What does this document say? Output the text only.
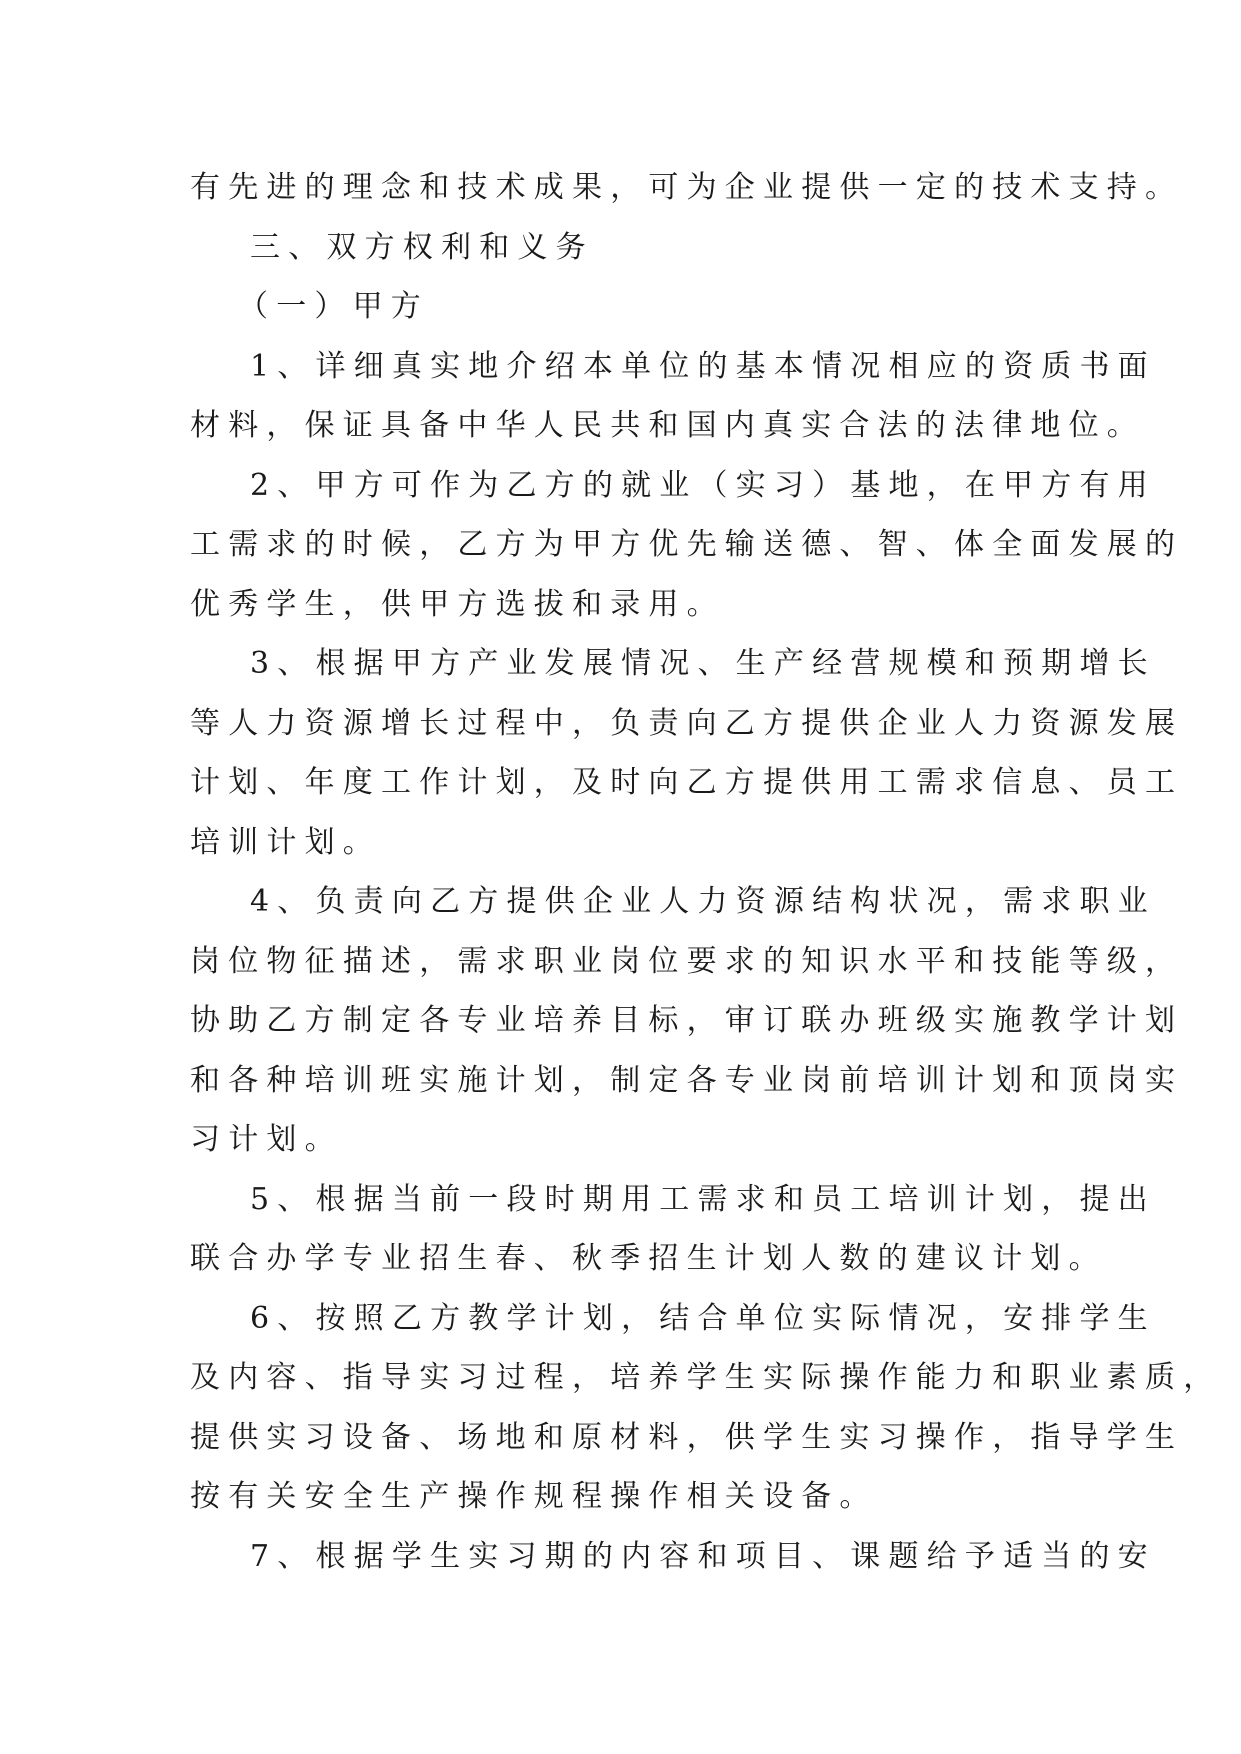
有先进的理念和技术成果，可为企业提供一定的技术支持。
三、双方权利和义务
（一）甲方
1、详细真实地介绍本单位的基本情况相应的资质书面
材料，保证具备中华人民共和国内真实合法的法律地位。
2、甲方可作为乙方的就业（实习）基地，在甲方有用
工需求的时候，乙方为甲方优先输送德、智、体全面发展的
优秀学生，供甲方选拔和录用。
3、根据甲方产业发展情况、生产经营规模和预期增长
等人力资源增长过程中，负责向乙方提供企业人力资源发展
计划、年度工作计划，及时向乙方提供用工需求信息、员工
培训计划。
4、负责向乙方提供企业人力资源结构状况，需求职业
岗位物征描述，需求职业岗位要求的知识水平和技能等级，
协助乙方制定各专业培养目标，审订联办班级实施教学计划
和各种培训班实施计划，制定各专业岗前培训计划和顶岗实
习计划。
5、根据当前一段时期用工需求和员工培训计划，提出
联合办学专业招生春、秋季招生计划人数的建议计划。
6、按照乙方教学计划，结合单位实际情况，安排学生
及内容、指导实习过程，培养学生实际操作能力和职业素质，
提供实习设备、场地和原材料，供学生实习操作，指导学生
按有关安全生产操作规程操作相关设备。
7、根据学生实习期的内容和项目、课题给予适当的安
